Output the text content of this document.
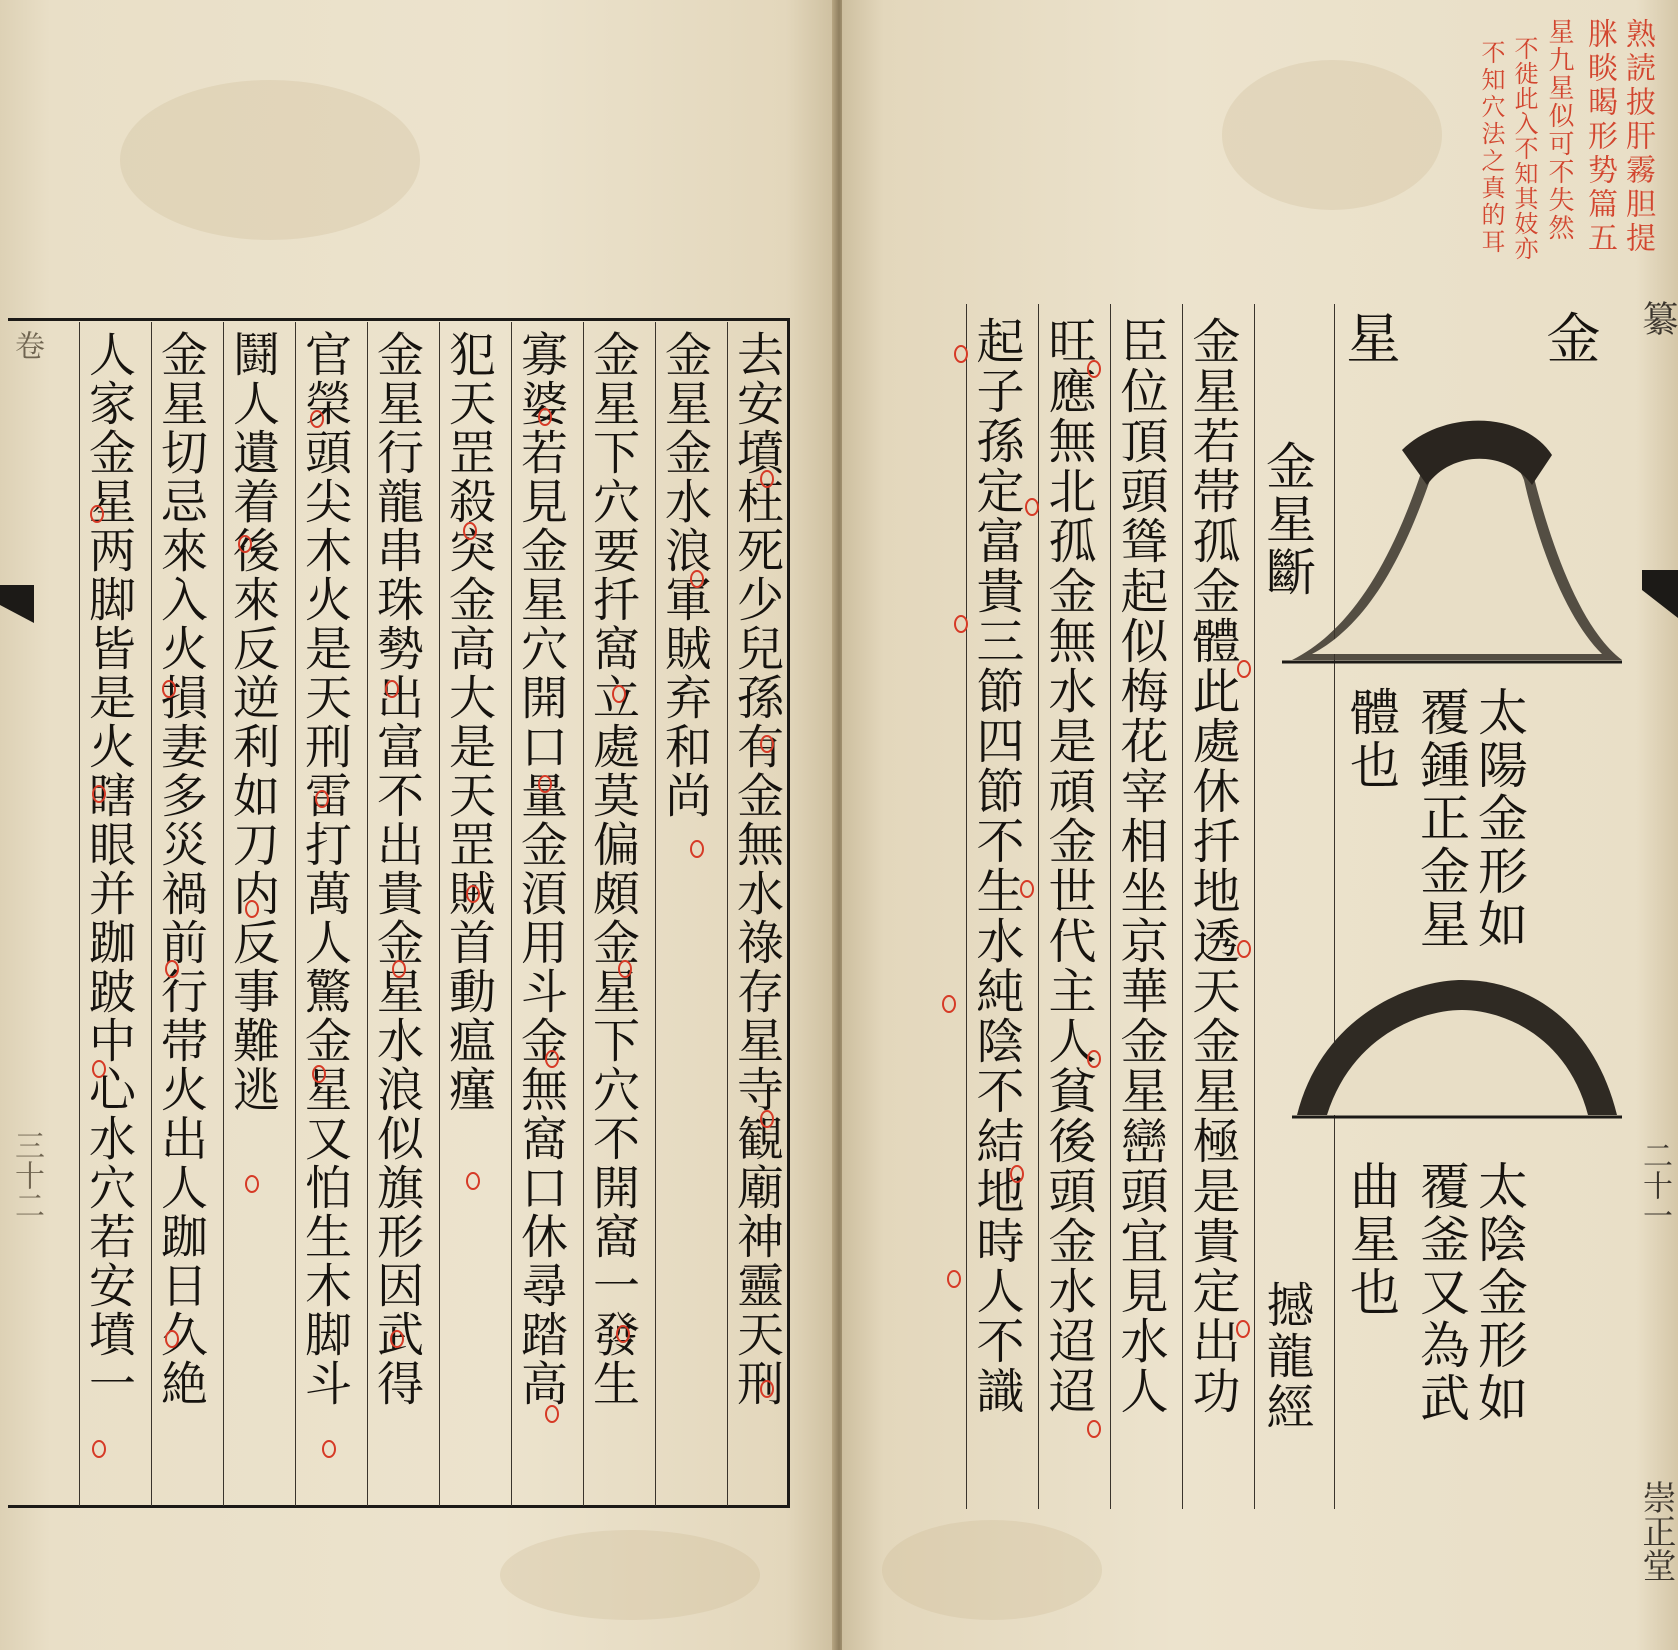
去安墳枉死少兒孫有金無水祿存星寺観廟神靈天刑
金星金水浪軍賊弃和尚
金星下穴要扦窩立處莫偏頗金星下穴不開窩一發生
寡婆若見金星穴開口量金湏用斗金無窩口休尋踏高
犯天罡殺突金高大是天罡賊首動瘟瘽
金星行龍串珠勢出富不出貴金星水浪似旗形因武得
官榮頭尖木火是天刑雷打萬人驚金星又怕生木脚斗
鬪人遺着後來反逆利如刀内反事難逃
金星切忌來入火損妻多災禍前行帯火出人跏日久絶
人家金星两脚皆是火瞎眼并跏跛中心水穴若安墳一
卷
三十二
熟読披肝霧胆提
脒睒暍形势篇五
星九星似可不失然
不徙此入不知其妓亦
不知穴法之真的耳
金
星
太陽金形如
覆鍾正金星
體也
太陰金形如
覆釜又為武
曲星也
金星斷
撼龍經
金星若帯孤金體此處休扦地透天金星極是貴定出功
臣位頂頭聳起似梅花宰相坐京華金星巒頭宜見水人
旺應無北孤金無水是頑金世代主人貧後頭金水迢迢
起子孫定富貴三節四節不生水純陰不結地時人不識	纂
二十一
崇正堂
